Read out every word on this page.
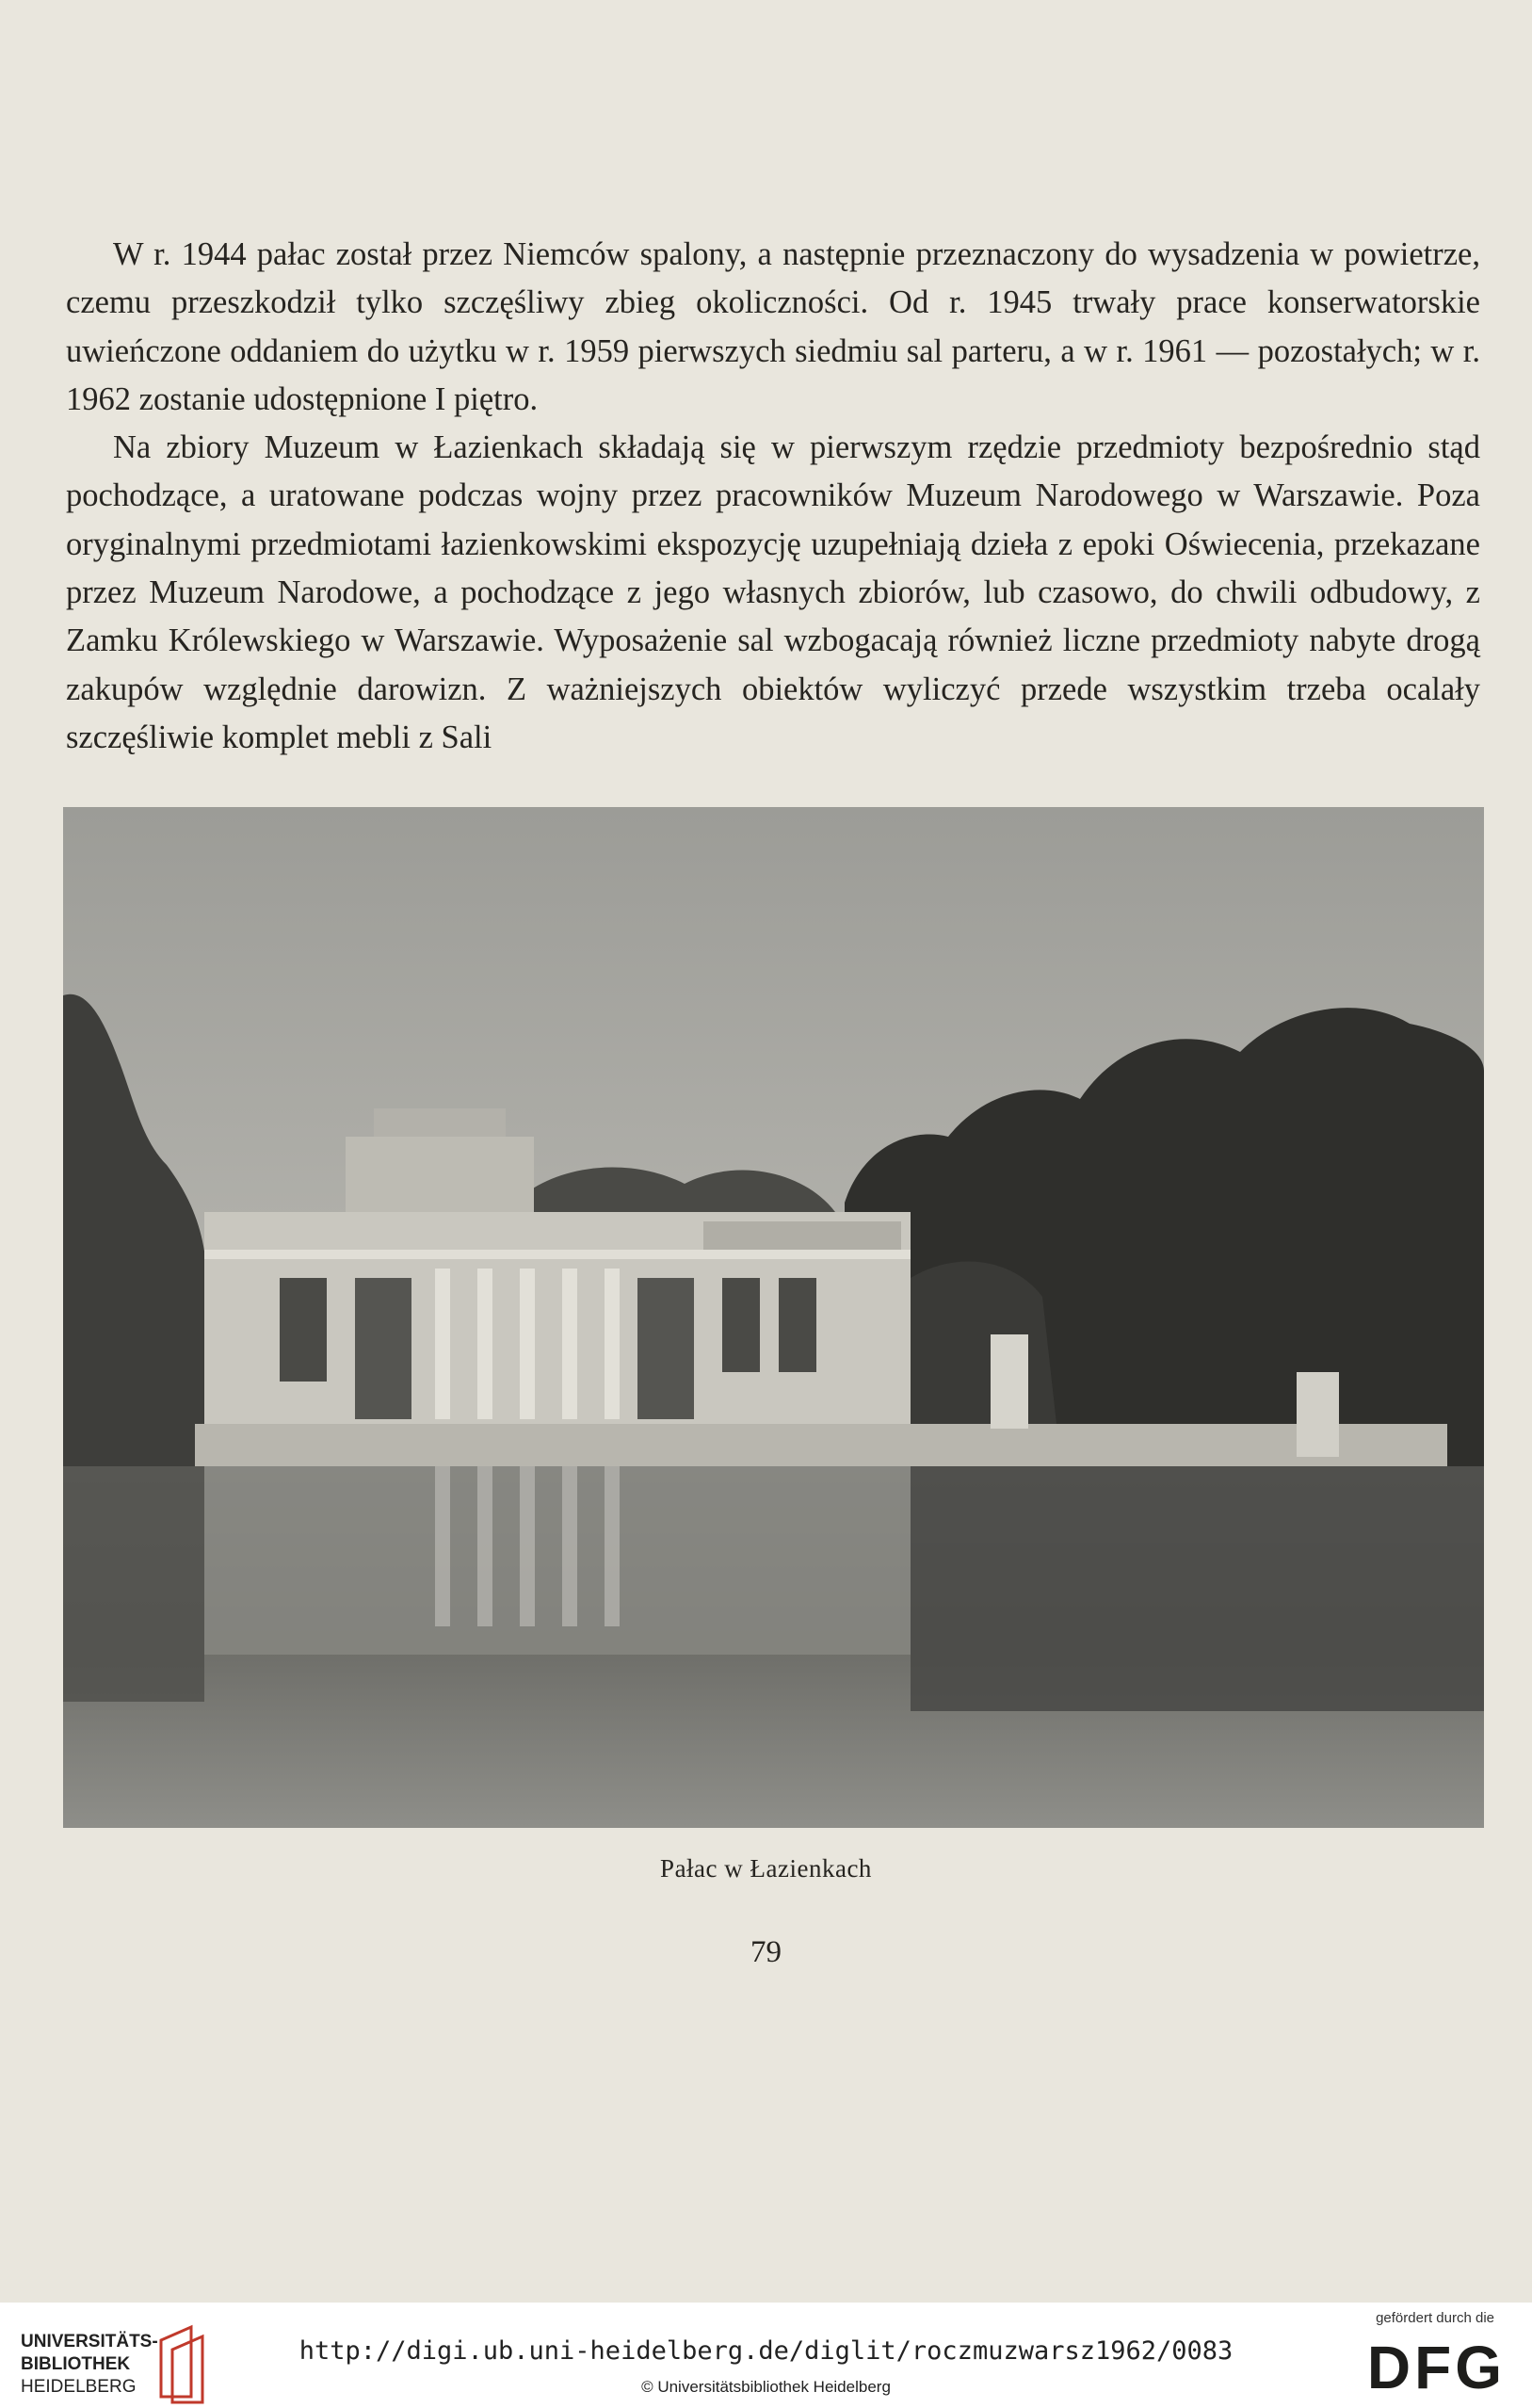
W r. 1944 pałac został przez Niemców spalony, a następnie przeznaczony do wysadzenia w powietrze, czemu przeszkodził tylko szczęśliwy zbieg okoliczności. Od r. 1945 trwały prace konserwatorskie uwieńczone oddaniem do użytku w r. 1959 pierwszych siedmiu sal parteru, a w r. 1961 — pozostałych; w r. 1962 zostanie udostępnione I piętro.

Na zbiory Muzeum w Łazienkach składają się w pierwszym rzędzie przedmioty bezpośrednio stąd pochodzące, a uratowane podczas wojny przez pracowników Muzeum Narodowego w Warszawie. Poza oryginalnymi przedmiotami łazienkowskimi ekspozycję uzupełniają dzieła z epoki Oświecenia, przekazane przez Muzeum Narodowe, a pochodzące z jego własnych zbiorów, lub czasowo, do chwili odbudowy, z Zamku Królewskiego w Warszawie. Wyposażenie sal wzbogacają również liczne przedmioty nabyte drogą zakupów względnie darowizn. Z ważniejszych obiektów wyliczyć przede wszystkim trzeba ocalały szczęśliwie komplet mebli z Sali

Pałac w Łazienkach
79
UNIVERSITÄTS-
BIBLIOTHEK
HEIDELBERG
http://digi.ub.uni-heidelberg.de/diglit/roczmuzwarsz1962/0083
© Universitätsbibliothek Heidelberg
gefördert durch die
DFG
